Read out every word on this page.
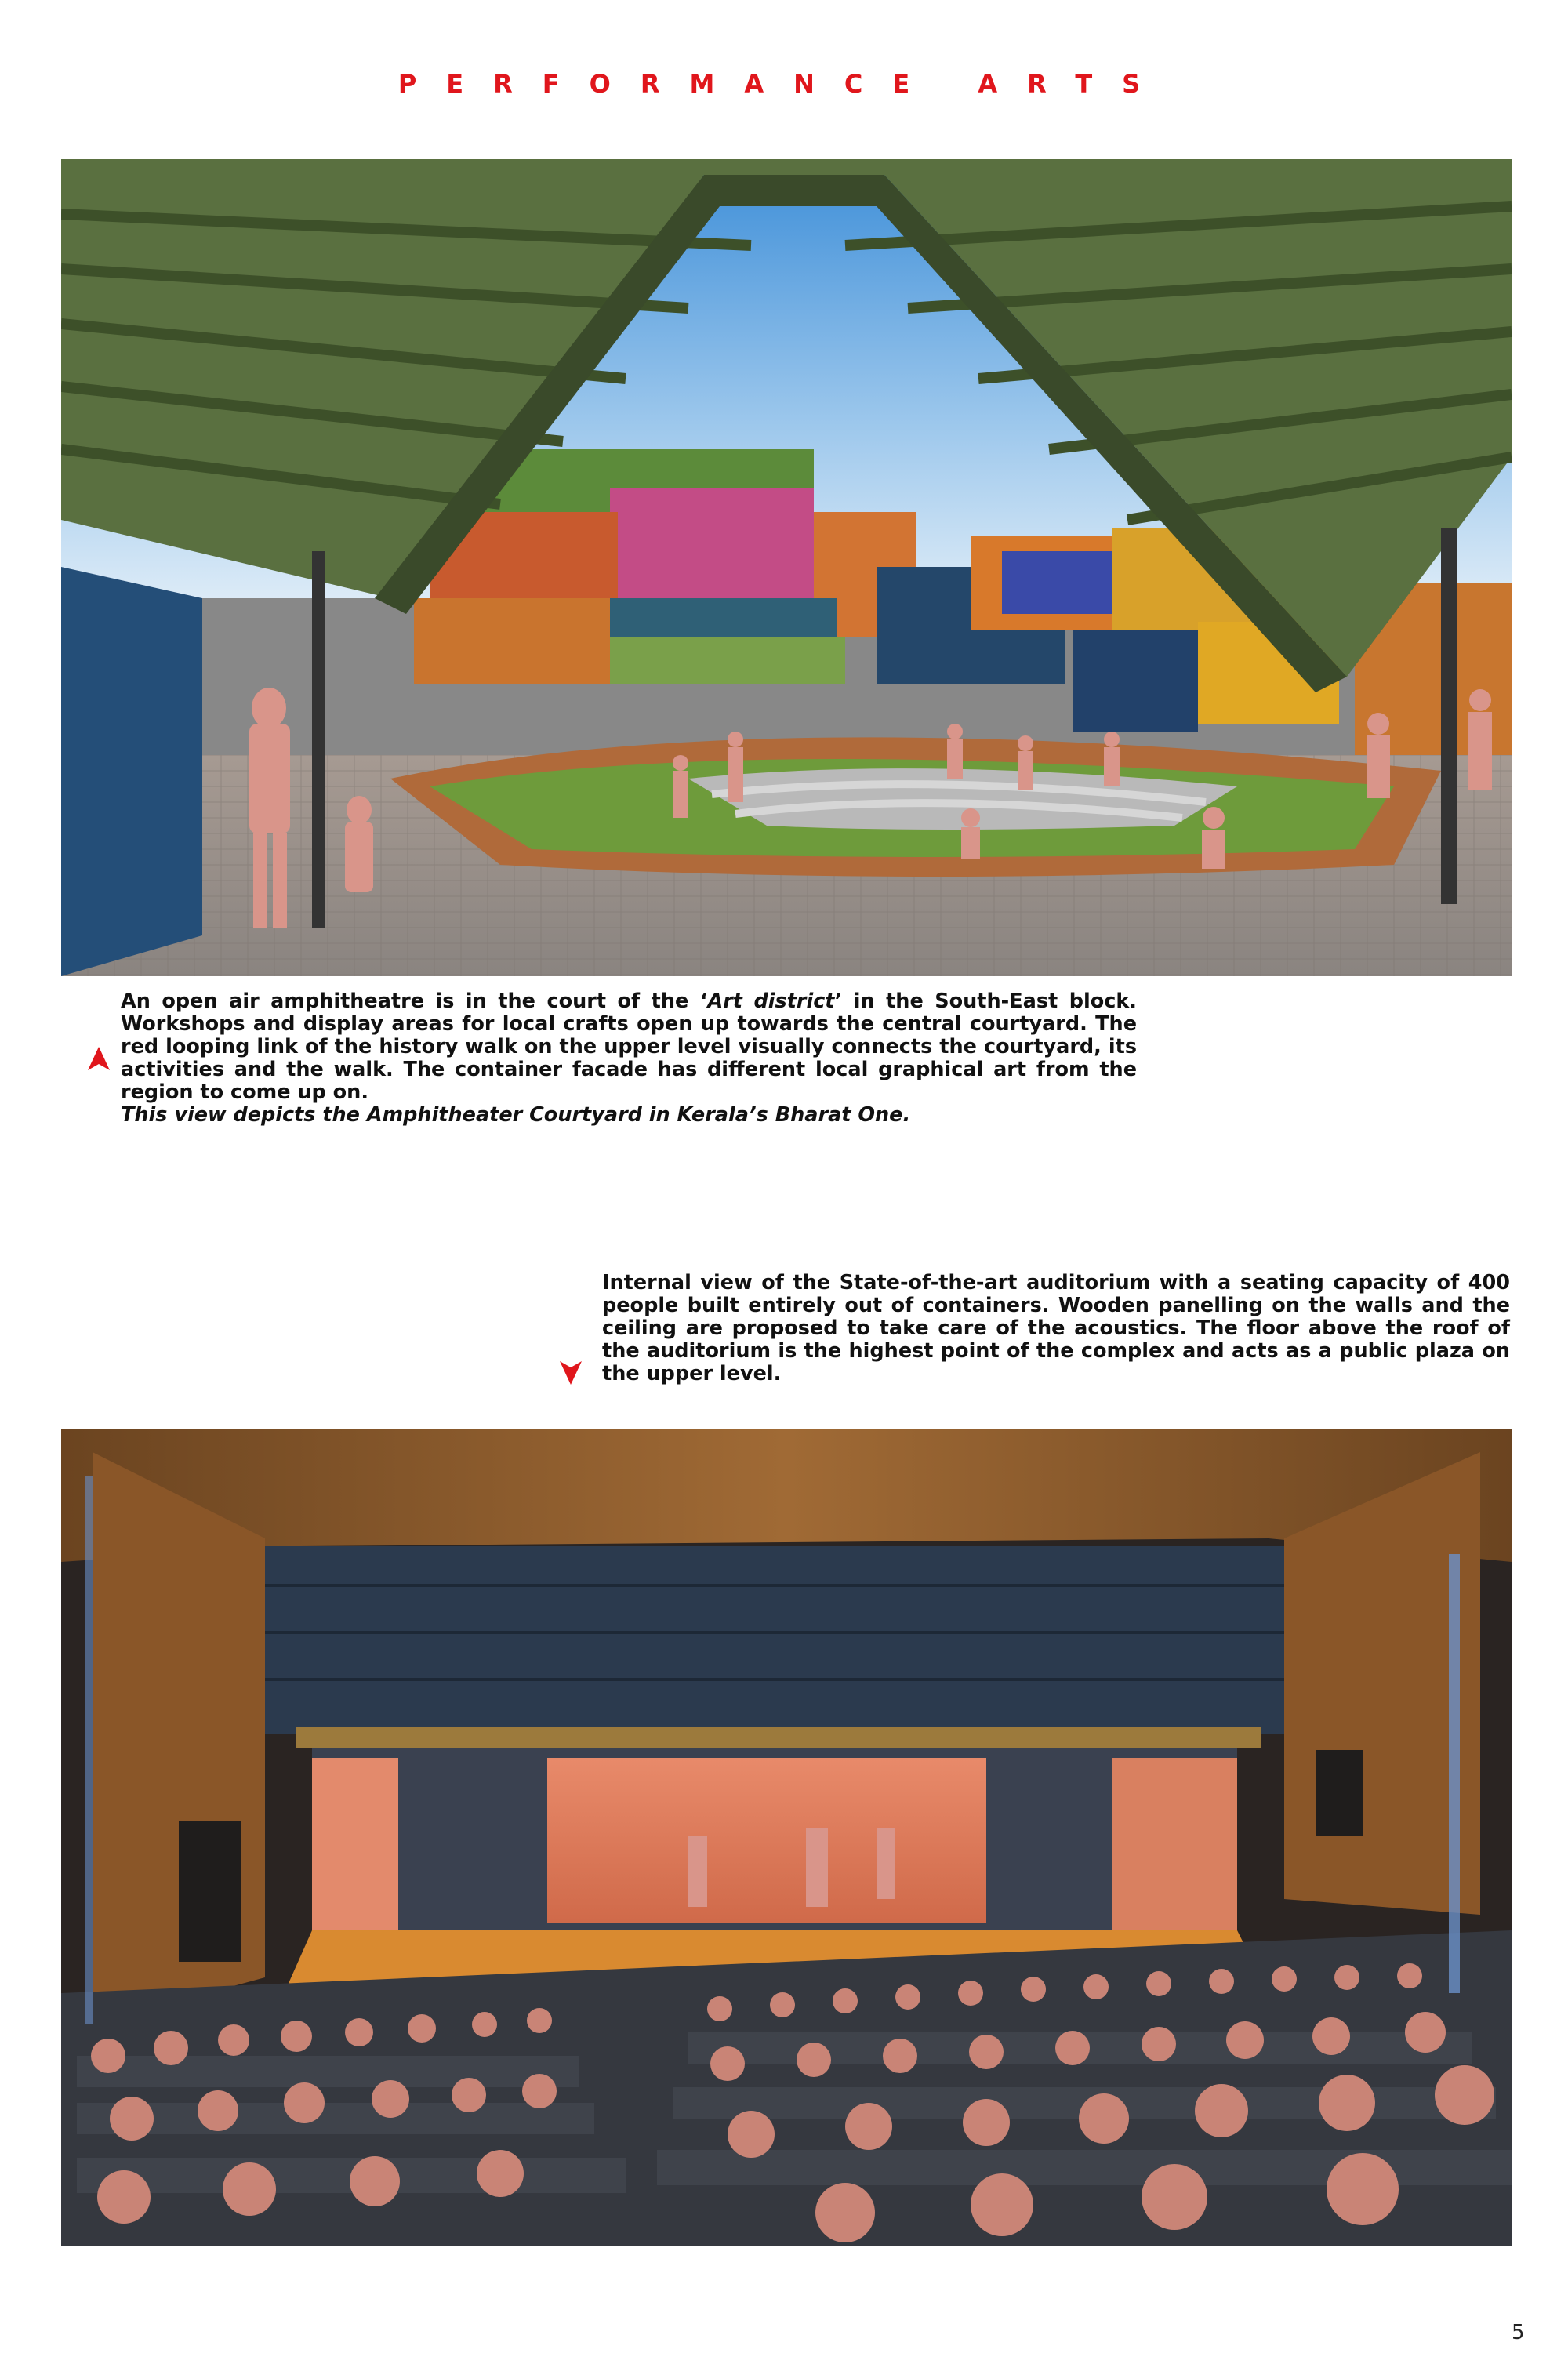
PERFORMANCE ARTS

An open air amphitheatre is in the court of the ‘Art district’ in the South-East block. Workshops and display areas for local crafts open up towards the central courtyard. The red looping link of the history walk on the upper level visually connects the courtyard, its activities and the walk. The container facade has different local graphical art from the region to come up on.

This view depicts the Amphitheater Courtyard in Kerala’s Bharat One.

Internal view of the State-of-the-art auditorium with a seating capacity of 400 people built entirely out of containers. Wooden panelling on the walls and the ceiling are proposed to take care of the acoustics. The floor above the roof of the auditorium is the highest point of the complex and acts as a public plaza on the upper level.
5
